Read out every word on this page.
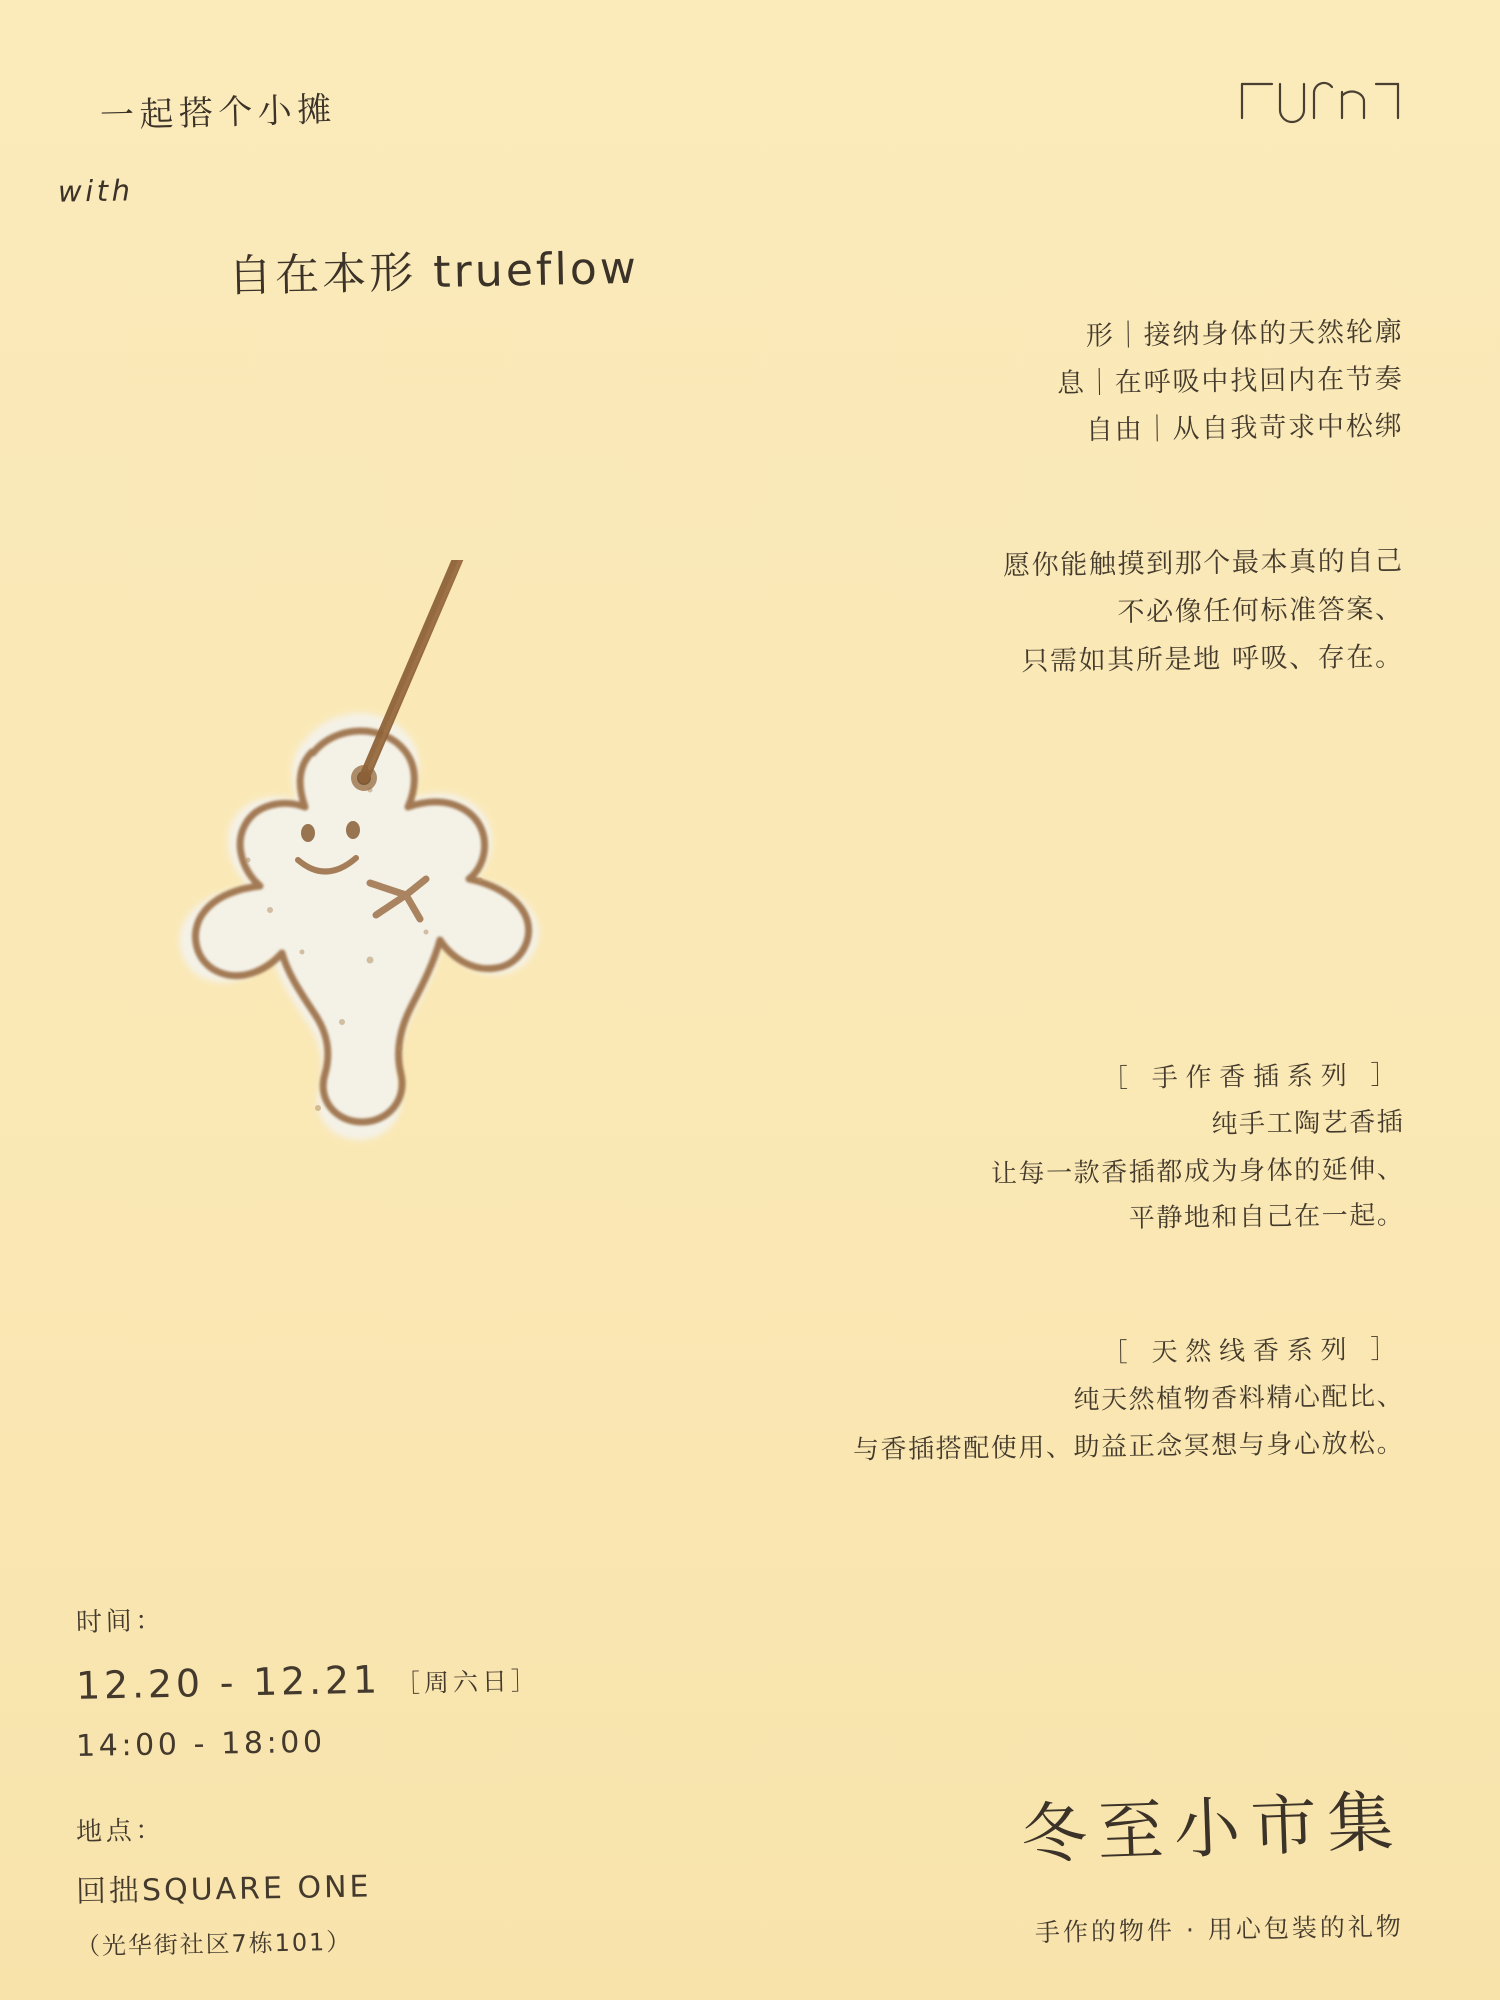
一起搭个小摊
with
自在本形 trueflow
形｜接纳身体的天然轮廓
息｜在呼吸中找回内在节奏
自由｜从自我苛求中松绑
愿你能触摸到那个最本真的自己
不必像任何标准答案、
只需如其所是地 呼吸、存在。
［ 手作香插系列 ］
纯手工陶艺香插
让每一款香插都成为身体的延伸、
平静地和自己在一起。
［ 天然线香系列 ］
纯天然植物香料精心配比、
与香插搭配使用、助益正念冥想与身心放松。
时间：
12.20 - 12.21 ［周六日］
14:00 - 18:00
地点：
回拙SQUARE ONE
（光华街社区7栋101）
冬至小市集
手作的物件 · 用心包装的礼物
